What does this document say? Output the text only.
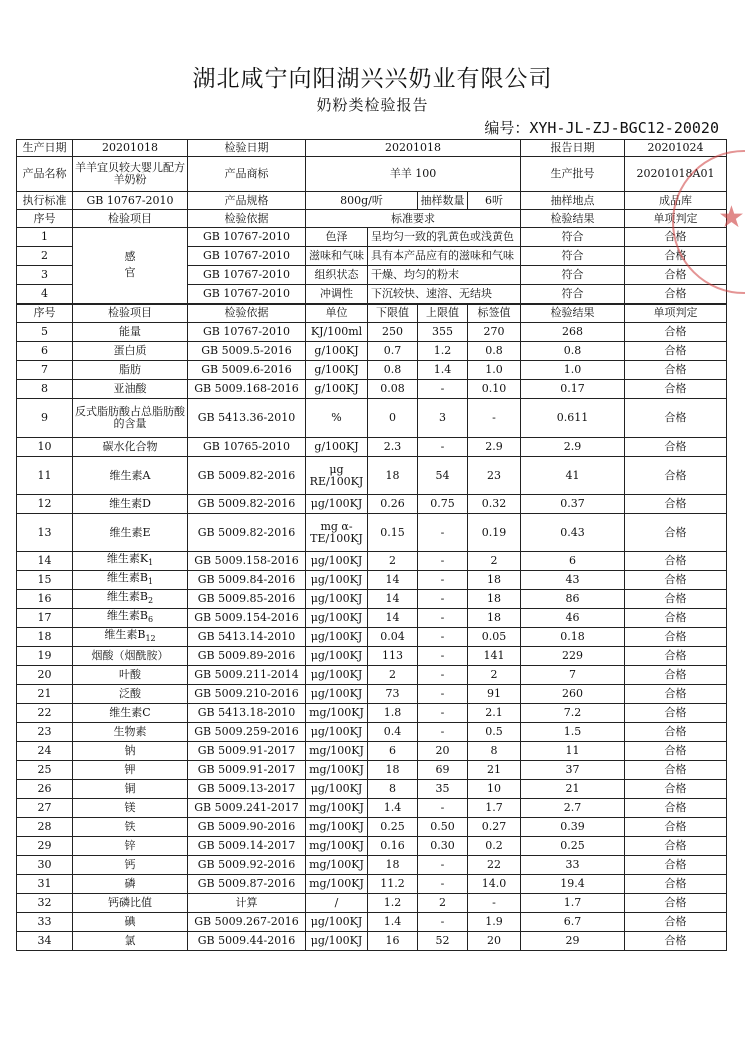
湖北咸宁向阳湖兴兴奶业有限公司
奶粉类检验报告
编号：XYH-JL-ZJ-BGC12-20020
生产日期	20201018	检验日期	20201018				报告日期	20201024
产品名称	羊羊宜贝较大婴儿配方羊奶粉	产品商标	羊羊 100				生产批号	20201018A01
执行标准	GB 10767-2010	产品规格	800g/听		抽样数量	6听	抽样地点	成品库
序号	检验项目	检验依据	标准要求				检验结果	单项判定
1	感官	GB 10767-2010	色泽	呈均匀一致的乳黄色或浅黄色			符合	合格
2		GB 10767-2010	滋味和气味	具有本产品应有的滋味和气味			符合	合格
3		GB 10767-2010	组织状态	干燥、均匀的粉末			符合	合格
4		GB 10767-2010	冲调性	下沉较快、速溶、无结块			符合	合格
序号	检验项目	检验依据	单位	下限值	上限值	标签值	检验结果	单项判定
5	能量	GB 10767-2010	KJ/100ml	250	355	270	268	合格
6	蛋白质	GB 5009.5-2016	g/100KJ	0.7	1.2	0.8	0.8	合格
7	脂肪	GB 5009.6-2016	g/100KJ	0.8	1.4	1.0	1.0	合格
8	亚油酸	GB 5009.168-2016	g/100KJ	0.08	-	0.10	0.17	合格
9	反式脂肪酸占总脂肪酸的含量	GB 5413.36-2010	%	0	3	-	0.611	合格
10	碳水化合物	GB 10765-2010	g/100KJ	2.3	-	2.9	2.9	合格
11	维生素A	GB 5009.82-2016	μg RE/100KJ	18	54	23	41	合格
12	维生素D	GB 5009.82-2016	μg/100KJ	0.26	0.75	0.32	0.37	合格
13	维生素E	GB 5009.82-2016	mg α-TE/100KJ	0.15	-	0.19	0.43	合格
14	维生素$K_1$	GB 5009.158-2016	μg/100KJ	2	-	2	6	合格
15	维生素$B_1$	GB 5009.84-2016	μg/100KJ	14	-	18	43	合格
16	维生素$B_2$	GB 5009.85-2016	μg/100KJ	14	-	18	86	合格
17	维生素$B_6$	GB 5009.154-2016	μg/100KJ	14	-	18	46	合格
18	维生素$B_{12}$	GB 5413.14-2010	μg/100KJ	0.04	-	0.05	0.18	合格
19	烟酸（烟酰胺）	GB 5009.89-2016	μg/100KJ	113	-	141	229	合格
20	叶酸	GB 5009.211-2014	μg/100KJ	2	-	2	7	合格
21	泛酸	GB 5009.210-2016	μg/100KJ	73	-	91	260	合格
22	维生素C	GB 5413.18-2010	mg/100KJ	1.8	-	2.1	7.2	合格
23	生物素	GB 5009.259-2016	μg/100KJ	0.4	-	0.5	1.5	合格
24	钠	GB 5009.91-2017	mg/100KJ	6	20	8	11	合格
25	钾	GB 5009.91-2017	mg/100KJ	18	69	21	37	合格
26	铜	GB 5009.13-2017	μg/100KJ	8	35	10	21	合格
27	镁	GB 5009.241-2017	mg/100KJ	1.4	-	1.7	2.7	合格
28	铁	GB 5009.90-2016	mg/100KJ	0.25	0.50	0.27	0.39	合格
29	锌	GB 5009.14-2017	mg/100KJ	0.16	0.30	0.2	0.25	合格
30	钙	GB 5009.92-2016	mg/100KJ	18	-	22	33	合格
31	磷	GB 5009.87-2016	mg/100KJ	11.2	-	14.0	19.4	合格
32	钙磷比值	计算	/	1.2	2	-	1.7	合格
33	碘	GB 5009.267-2016	μg/100KJ	1.4	-	1.9	6.7	合格
34	氯	GB 5009.44-2016	μg/100KJ	16	52	20	29	合格
★
